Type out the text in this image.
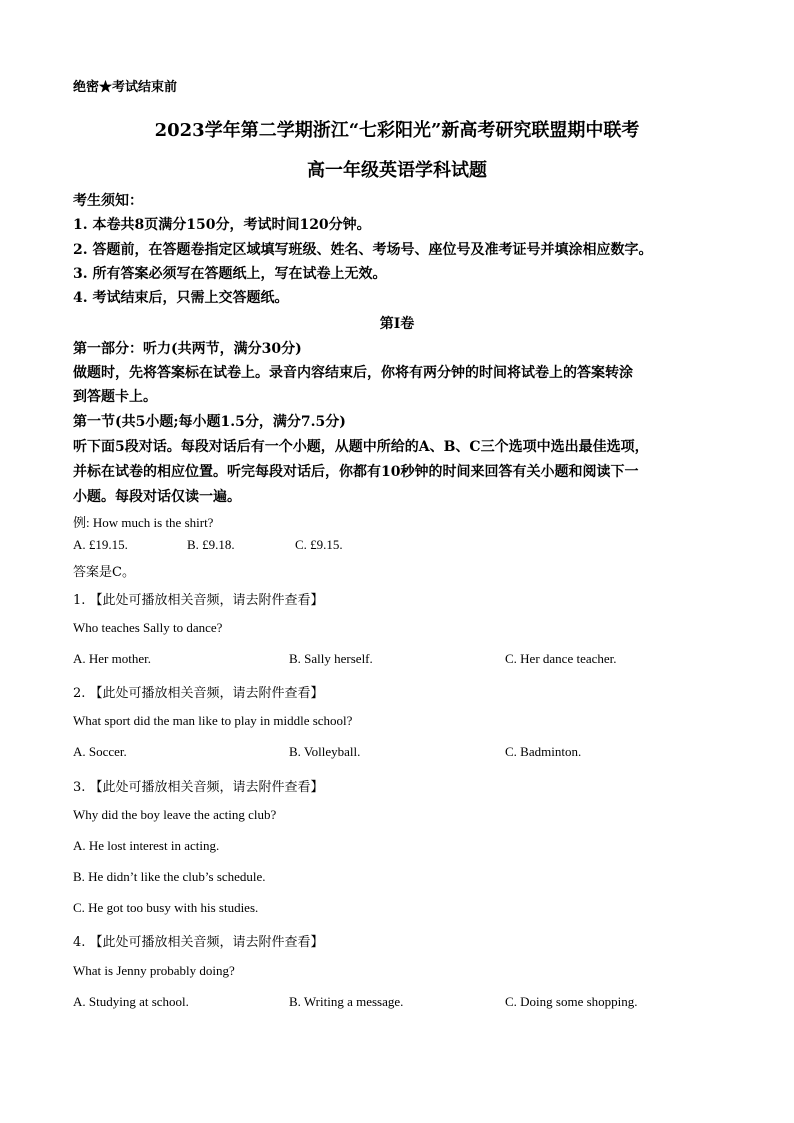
绝密★考试结束前
2023学年第二学期浙江“七彩阳光”新高考研究联盟期中联考
高一年级英语学科试题
考生须知：
1. 本卷共8页满分150分，考试时间120分钟。
2. 答题前，在答题卷指定区域填写班级、姓名、考场号、座位号及准考证号并填涂相应数字。
3. 所有答案必须写在答题纸上，写在试卷上无效。
4. 考试结束后，只需上交答题纸。
第Ⅰ卷
第一部分：听力(共两节，满分30分)
做题时，先将答案标在试卷上。录音内容结束后，你将有两分钟的时间将试卷上的答案转涂
到答题卡上。
第一节(共5小题;每小题1.5分，满分7.5分)
听下面5段对话。每段对话后有一个小题，从题中所给的A、B、C三个选项中选出最佳选项，
并标在试卷的相应位置。听完每段对话后，你都有10秒钟的时间来回答有关小题和阅读下一
小题。每段对话仅读一遍。
例: How much is the shirt?
A. £19.15.	B. £9.18.	C. £9.15.
答案是C。
1. 【此处可播放相关音频，请去附件查看】
Who teaches Sally to dance?
A. Her mother.	B. Sally herself.	C. Her dance teacher.
2. 【此处可播放相关音频，请去附件查看】
What sport did the man like to play in middle school?
A. Soccer.	B. Volleyball.	C. Badminton.
3. 【此处可播放相关音频，请去附件查看】
Why did the boy leave the acting club?
A. He lost interest in acting.
B. He didn’t like the club’s schedule.
C. He got too busy with his studies.
4. 【此处可播放相关音频，请去附件查看】
What is Jenny probably doing?
A. Studying at school.	B. Writing a message.	C. Doing some shopping.
